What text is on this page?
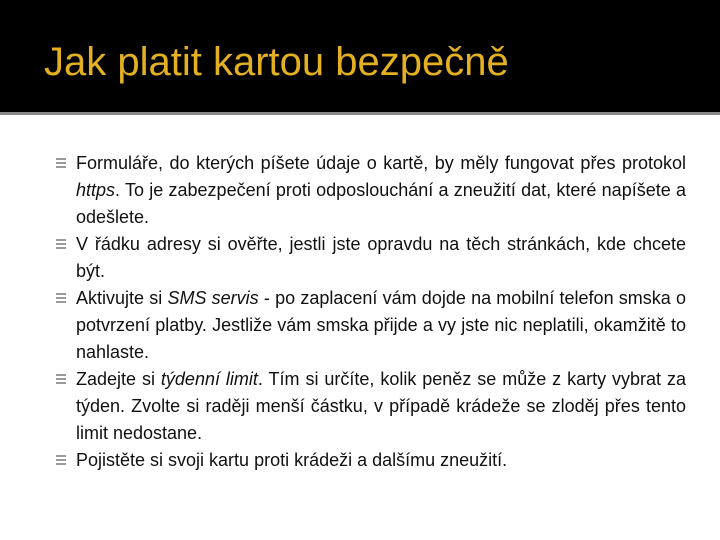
Jak platit kartou bezpečně
Formuláře, do kterých píšete údaje o kartě, by měly fungovat přes protokol https. To je zabezpečení proti odposlouchání a zneužití dat, které napíšete a odešlete.
V řádku adresy si ověřte, jestli jste opravdu na těch stránkách, kde chcete být.
Aktivujte si SMS servis - po zaplacení vám dojde na mobilní telefon smska o potvrzení platby. Jestliže vám smska přijde a vy jste nic neplatili, okamžitě to nahlaste.
Zadejte si týdenní limit. Tím si určíte, kolik peněz se může z karty vybrat za týden. Zvolte si raději menší částku, v případě krádeže se zloděj přes tento limit nedostane.
Pojistěte si svoji kartu proti krádeži a dalšímu zneužití.
